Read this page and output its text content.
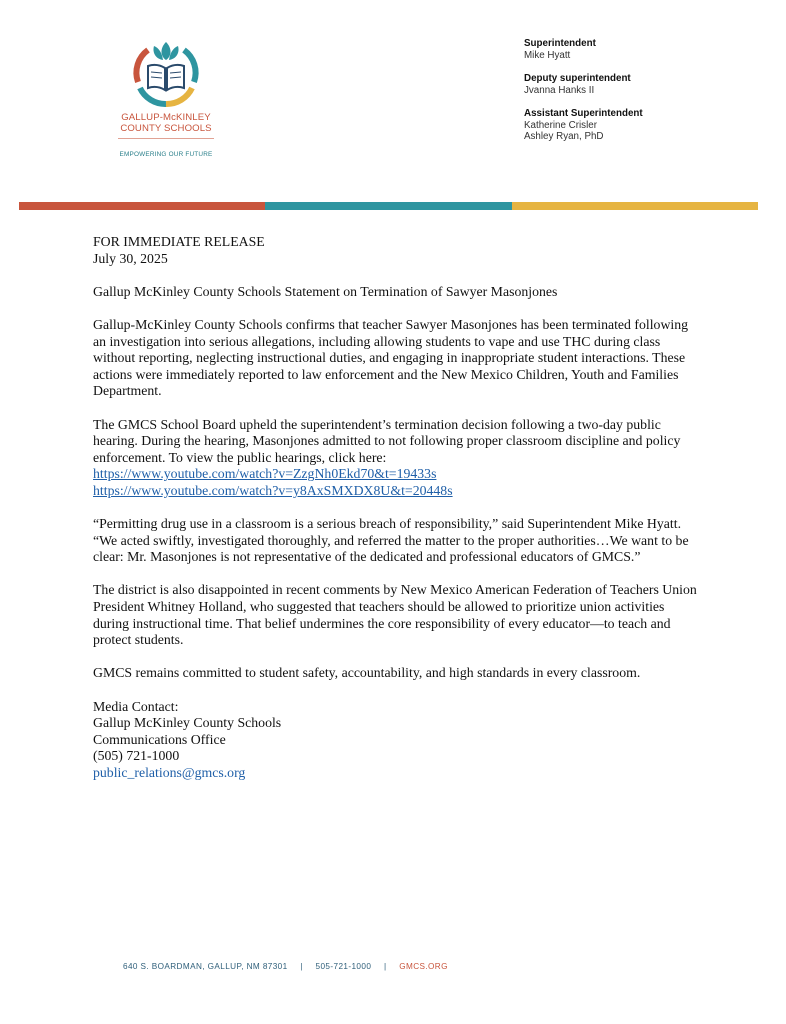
GALLUP-McKINLEY
COUNTY SCHOOLS
EMPOWERING OUR FUTURE
Superintendent
Mike Hyatt
Deputy superintendent
Jvanna Hanks II
Assistant Superintendent
Katherine Crisler
Ashley Ryan, PhD

FOR IMMEDIATE RELEASE
July 30, 2025

Gallup McKinley County Schools Statement on Termination of Sawyer Masonjones

Gallup-McKinley County Schools confirms that teacher Sawyer Masonjones has been terminated following an investigation into serious allegations, including allowing students to vape and use THC during class without reporting, neglecting instructional duties, and engaging in inappropriate student interactions. These actions were immediately reported to law enforcement and the New Mexico Children, Youth and Families Department.

The GMCS School Board upheld the superintendent’s termination decision following a two-day public hearing. During the hearing, Masonjones admitted to not following proper classroom discipline and policy enforcement. To view the public hearings, click here:
https://www.youtube.com/watch?v=ZzgNh0Ekd70&t=19433s
https://www.youtube.com/watch?v=y8AxSMXDX8U&t=20448s

“Permitting drug use in a classroom is a serious breach of responsibility,” said Superintendent Mike Hyatt. “We acted swiftly, investigated thoroughly, and referred the matter to the proper authorities…We want to be clear: Mr. Masonjones is not representative of the dedicated and professional educators of GMCS.”

The district is also disappointed in recent comments by New Mexico American Federation of Teachers Union President Whitney Holland, who suggested that teachers should be allowed to prioritize union activities during instructional time. That belief undermines the core responsibility of every educator—to teach and protect students.

GMCS remains committed to student safety, accountability, and high standards in every classroom.

Media Contact:
Gallup McKinley County Schools
Communications Office
(505) 721-1000
public_relations@gmcs.org

640 S. BOARDMAN, GALLUP, NM 87301 | 505-721-1000 | GMCS.ORG
